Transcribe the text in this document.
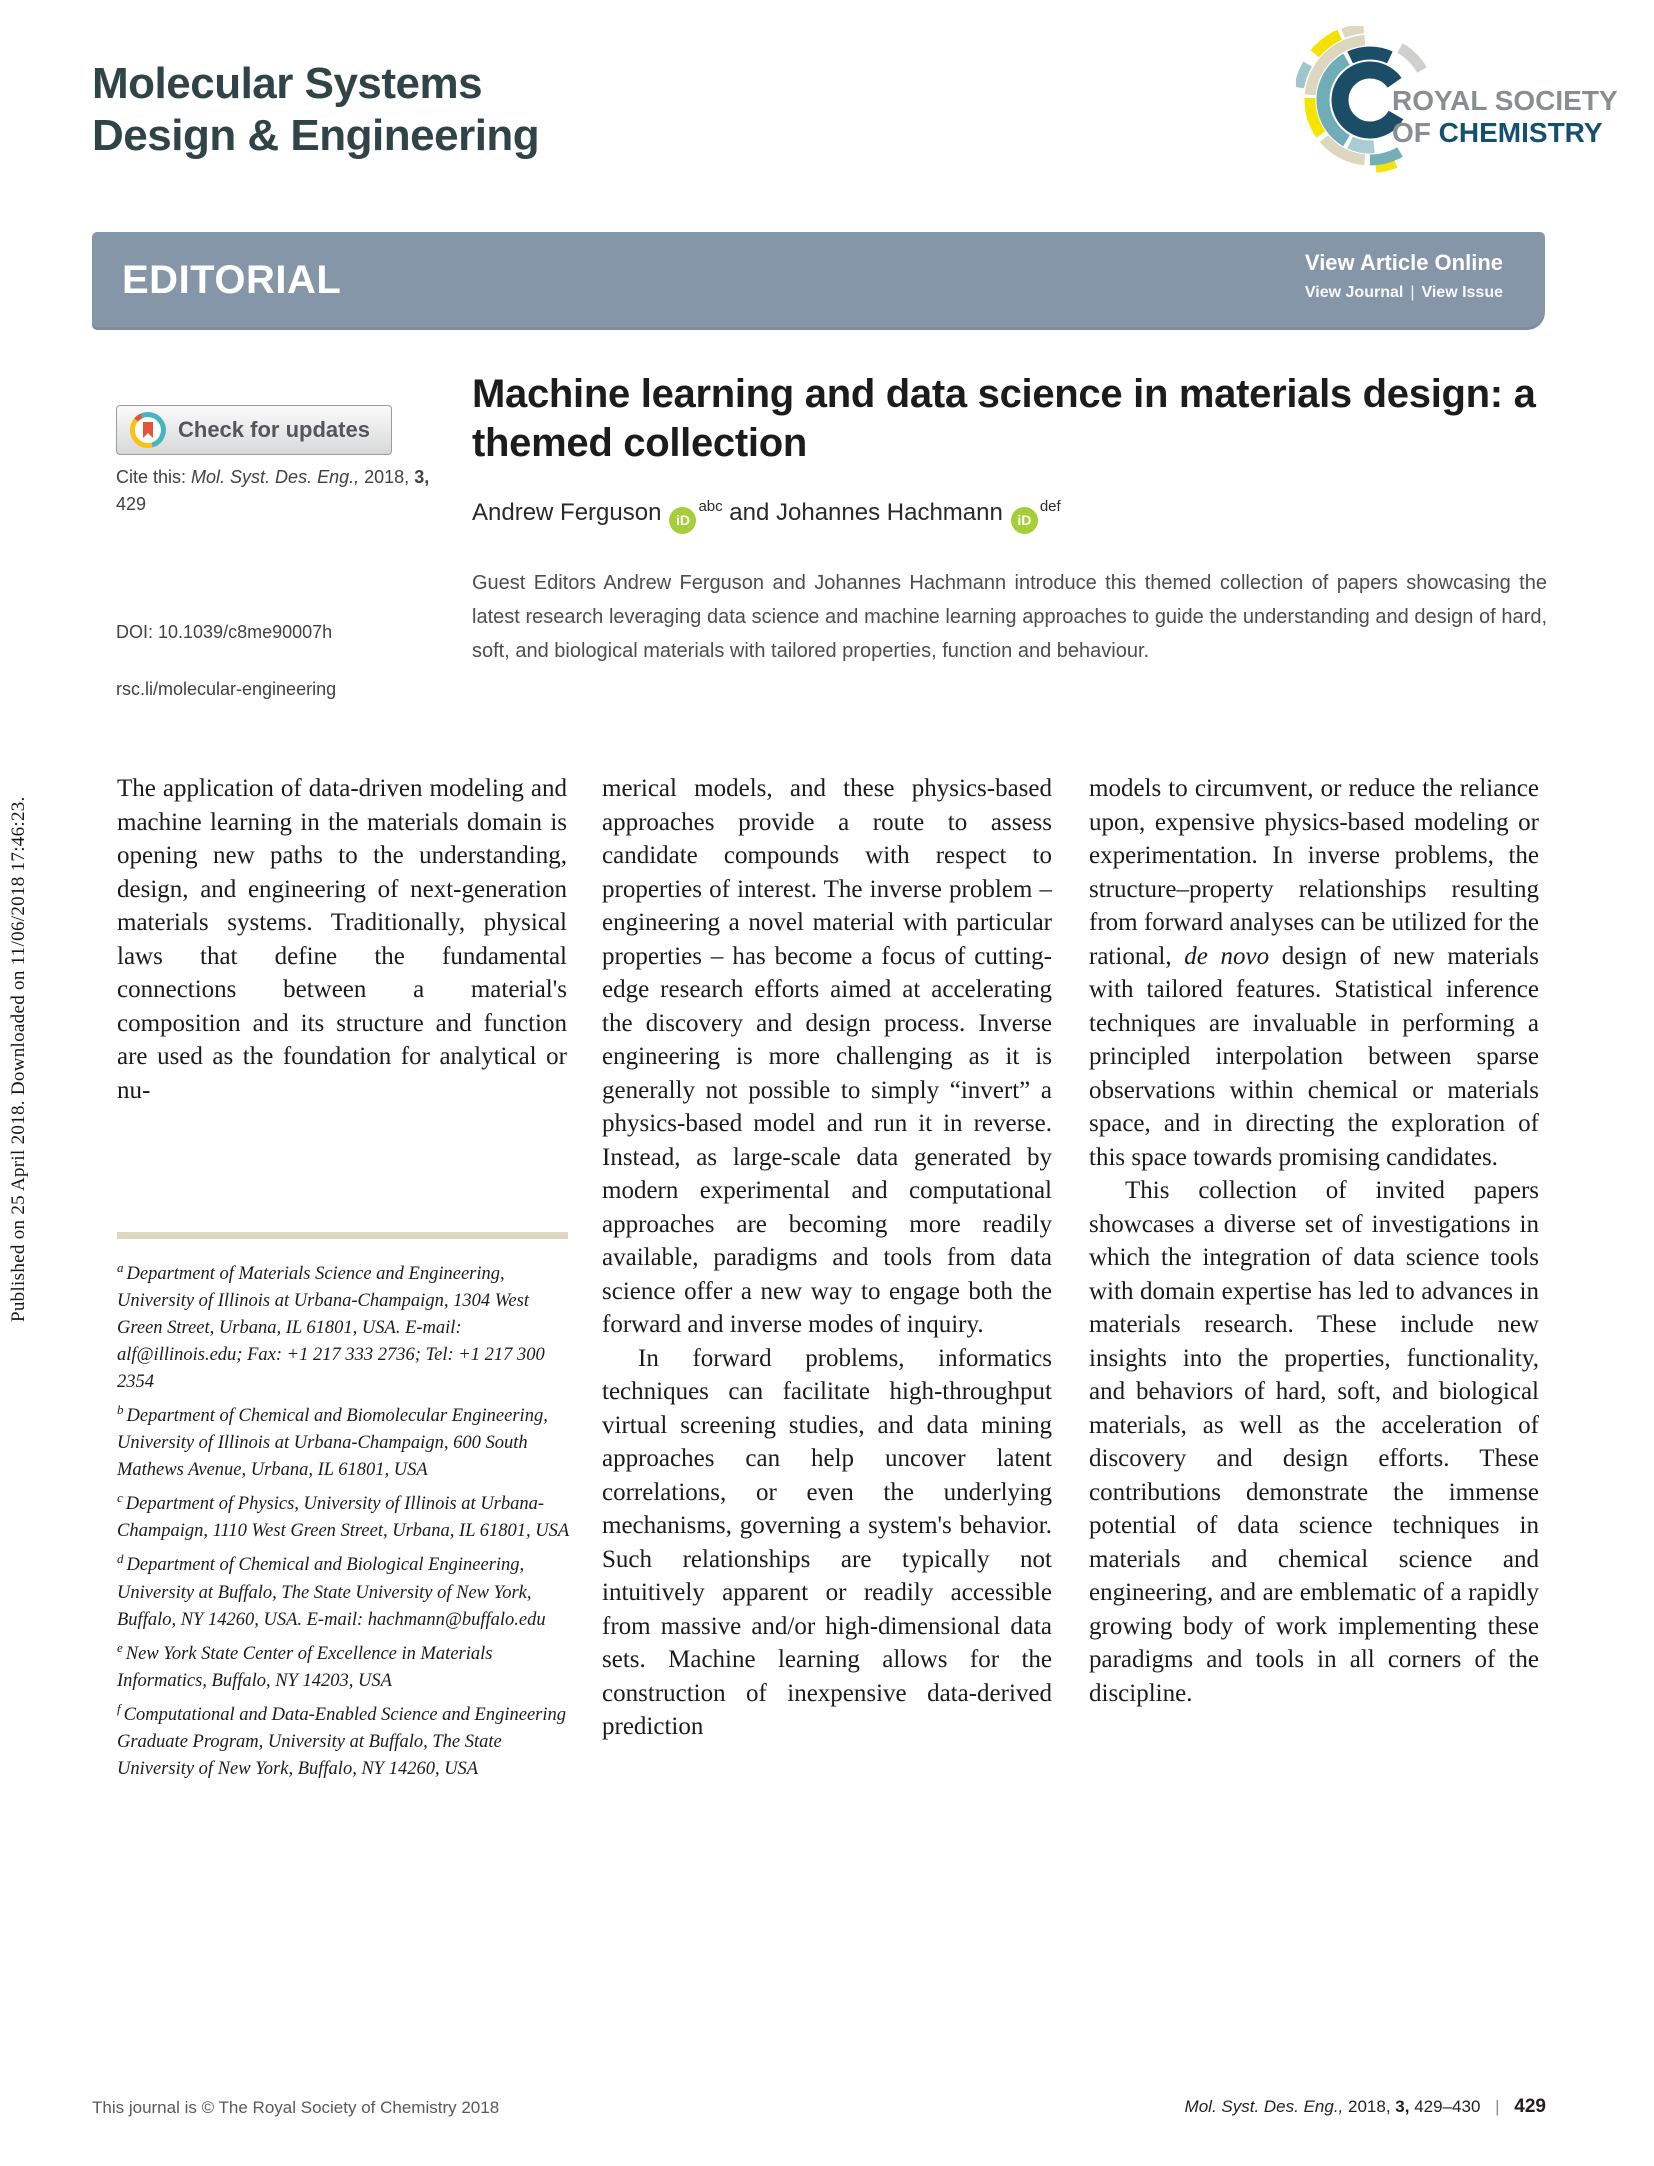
Molecular Systems
Design & Engineering
ROYAL SOCIETY
OF CHEMISTRY
EDITORIAL	View Article Online
View Journal | View Issue
Check for updates
Cite this: Mol. Syst. Des. Eng., 2018, 3, 429
DOI: 10.1039/c8me90007h
rsc.li/molecular-engineering
Machine learning and data science in materials design: a themed collection
Andrew Ferguson $iD^{abc}$ and Johannes Hachmann $iD^{def}$
Guest Editors Andrew Ferguson and Johannes Hachmann introduce this themed collection of papers showcasing the latest research leveraging data science and machine learning approaches to guide the understanding and design of hard, soft, and biological materials with tailored properties, function and behaviour.

The application of data-driven modeling and machine learning in the materials domain is opening new paths to the understanding, design, and engineering of next-generation materials systems. Traditionally, physical laws that define the fundamental connections between a material's composition and its structure and function are used as the foundation for analytical or nu-

merical models, and these physics-based approaches provide a route to assess candidate compounds with respect to properties of interest. The inverse problem – engineering a novel material with particular properties – has become a focus of cutting-edge research efforts aimed at accelerating the discovery and design process. Inverse engineering is more challenging as it is generally not possible to simply “invert” a physics-based model and run it in reverse. Instead, as large-scale data generated by modern experimental and computational approaches are becoming more readily available, paradigms and tools from data science offer a new way to engage both the forward and inverse modes of inquiry.

In forward problems, informatics techniques can facilitate high-throughput virtual screening studies, and data mining approaches can help uncover latent correlations, or even the underlying mechanisms, governing a system's behavior. Such relationships are typically not intuitively apparent or readily accessible from massive and/or high-dimensional data sets. Machine learning allows for the construction of inexpensive data-derived prediction

models to circumvent, or reduce the reliance upon, expensive physics-based modeling or experimentation. In inverse problems, the structure–property relationships resulting from forward analyses can be utilized for the rational, de novo design of new materials with tailored features. Statistical inference techniques are invaluable in performing a principled interpolation between sparse observations within chemical or materials space, and in directing the exploration of this space towards promising candidates.

This collection of invited papers showcases a diverse set of investigations in which the integration of data science tools with domain expertise has led to advances in materials research. These include new insights into the properties, functionality, and behaviors of hard, soft, and biological materials, as well as the acceleration of discovery and design efforts. These contributions demonstrate the immense potential of data science techniques in materials and chemical science and engineering, and are emblematic of a rapidly growing body of work implementing these paradigms and tools in all corners of the discipline.

$^a$ Department of Materials Science and Engineering, University of Illinois at Urbana-Champaign, 1304 West Green Street, Urbana, IL 61801, USA. E-mail: alf@illinois.edu; Fax: +1 217 333 2736; Tel: +1 217 300 2354

$^b$ Department of Chemical and Biomolecular Engineering, University of Illinois at Urbana-Champaign, 600 South Mathews Avenue, Urbana, IL 61801, USA

$^c$ Department of Physics, University of Illinois at Urbana-Champaign, 1110 West Green Street, Urbana, IL 61801, USA

$^d$ Department of Chemical and Biological Engineering, University at Buffalo, The State University of New York, Buffalo, NY 14260, USA. E-mail: hachmann@buffalo.edu

$^e$ New York State Center of Excellence in Materials Informatics, Buffalo, NY 14203, USA

$^f$ Computational and Data-Enabled Science and Engineering Graduate Program, University at Buffalo, The State University of New York, Buffalo, NY 14260, USA

Published on 25 April 2018. Downloaded on 11/06/2018 17:46:23.
This journal is © The Royal Society of Chemistry 2018	Mol. Syst. Des. Eng., 2018, 3, 429–430 | 429
